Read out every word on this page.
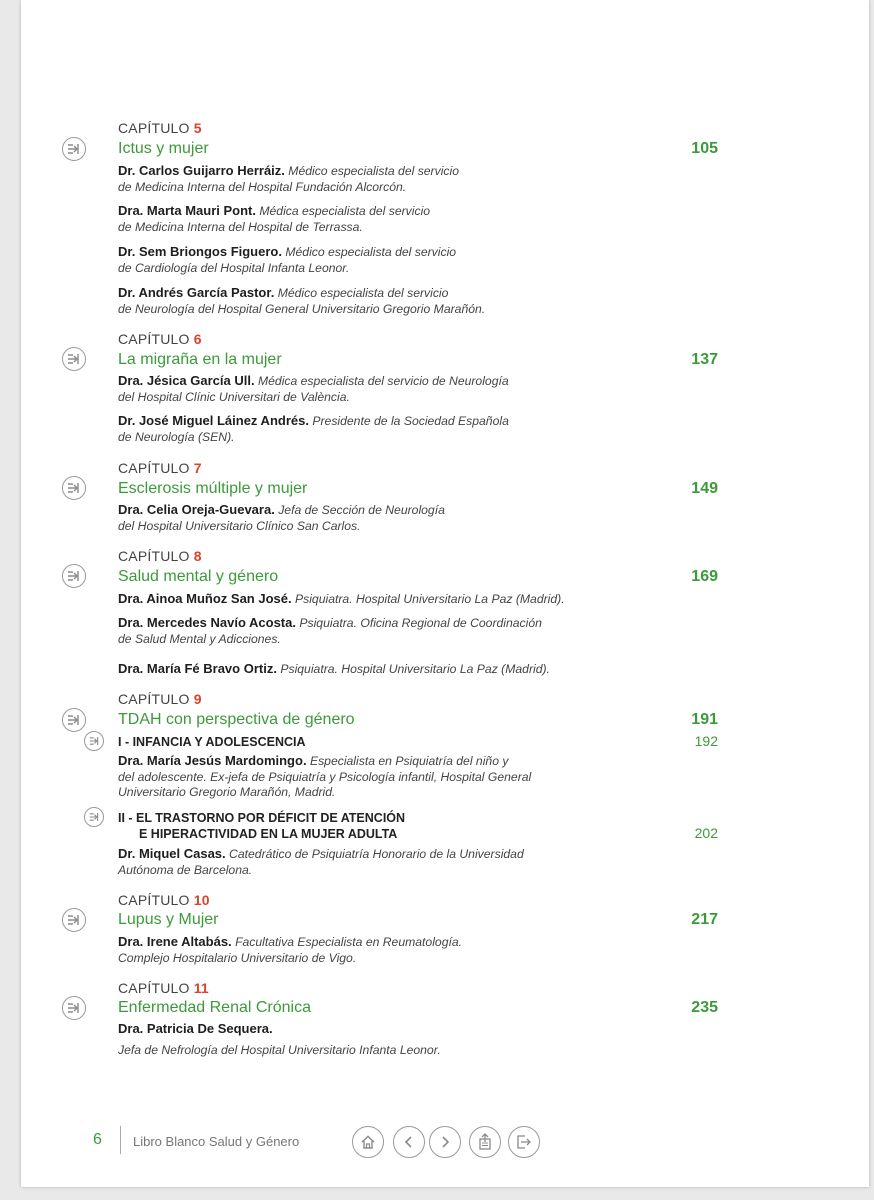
CAPÍTULO 5
Ictus y mujer	105
Dr. Carlos Guijarro Herráiz. Médico especialista del servicio
de Medicina Interna del Hospital Fundación Alcorcón.
Dra. Marta Mauri Pont. Médica especialista del servicio
de Medicina Interna del Hospital de Terrassa.
Dr. Sem Briongos Figuero. Médico especialista del servicio
de Cardiología del Hospital Infanta Leonor.
Dr. Andrés García Pastor. Médico especialista del servicio
de Neurología del Hospital General Universitario Gregorio Marañón.
CAPÍTULO 6
La migraña en la mujer	137
Dra. Jésica García Ull. Médica especialista del servicio de Neurología
del Hospital Clínic Universitari de València.
Dr. José Miguel Láinez Andrés. Presidente de la Sociedad Española
de Neurología (SEN).
CAPÍTULO 7
Esclerosis múltiple y mujer	149
Dra. Celia Oreja-Guevara. Jefa de Sección de Neurología
del Hospital Universitario Clínico San Carlos.
CAPÍTULO 8
Salud mental y género	169
Dra. Ainoa Muñoz San José. Psiquiatra. Hospital Universitario La Paz (Madrid).
Dra. Mercedes Navío Acosta. Psiquiatra. Oficina Regional de Coordinación
de Salud Mental y Adicciones.
Dra. María Fé Bravo Ortiz. Psiquiatra. Hospital Universitario La Paz (Madrid).
CAPÍTULO 9
TDAH con perspectiva de género	191
I - INFANCIA Y ADOLESCENCIA	192
Dra. María Jesús Mardomingo. Especialista en Psiquiatría del niño y
del adolescente. Ex-jefa de Psiquiatría y Psicología infantil, Hospital General
Universitario Gregorio Marañón, Madrid.
II - EL TRASTORNO POR DÉFICIT DE ATENCIÓN
E HIPERACTIVIDAD EN LA MUJER ADULTA	202
Dr. Miquel Casas. Catedrático de Psiquiatría Honorario de la Universidad
Autónoma de Barcelona.
CAPÍTULO 10
Lupus y Mujer	217
Dra. Irene Altabás. Facultativa Especialista en Reumatología.
Complejo Hospitalario Universitario de Vigo.
CAPÍTULO 11
Enfermedad Renal Crónica	235
Dra. Patricia De Sequera.
Jefa de Nefrología del Hospital Universitario Infanta Leonor.
6 Libro Blanco Salud y Género
